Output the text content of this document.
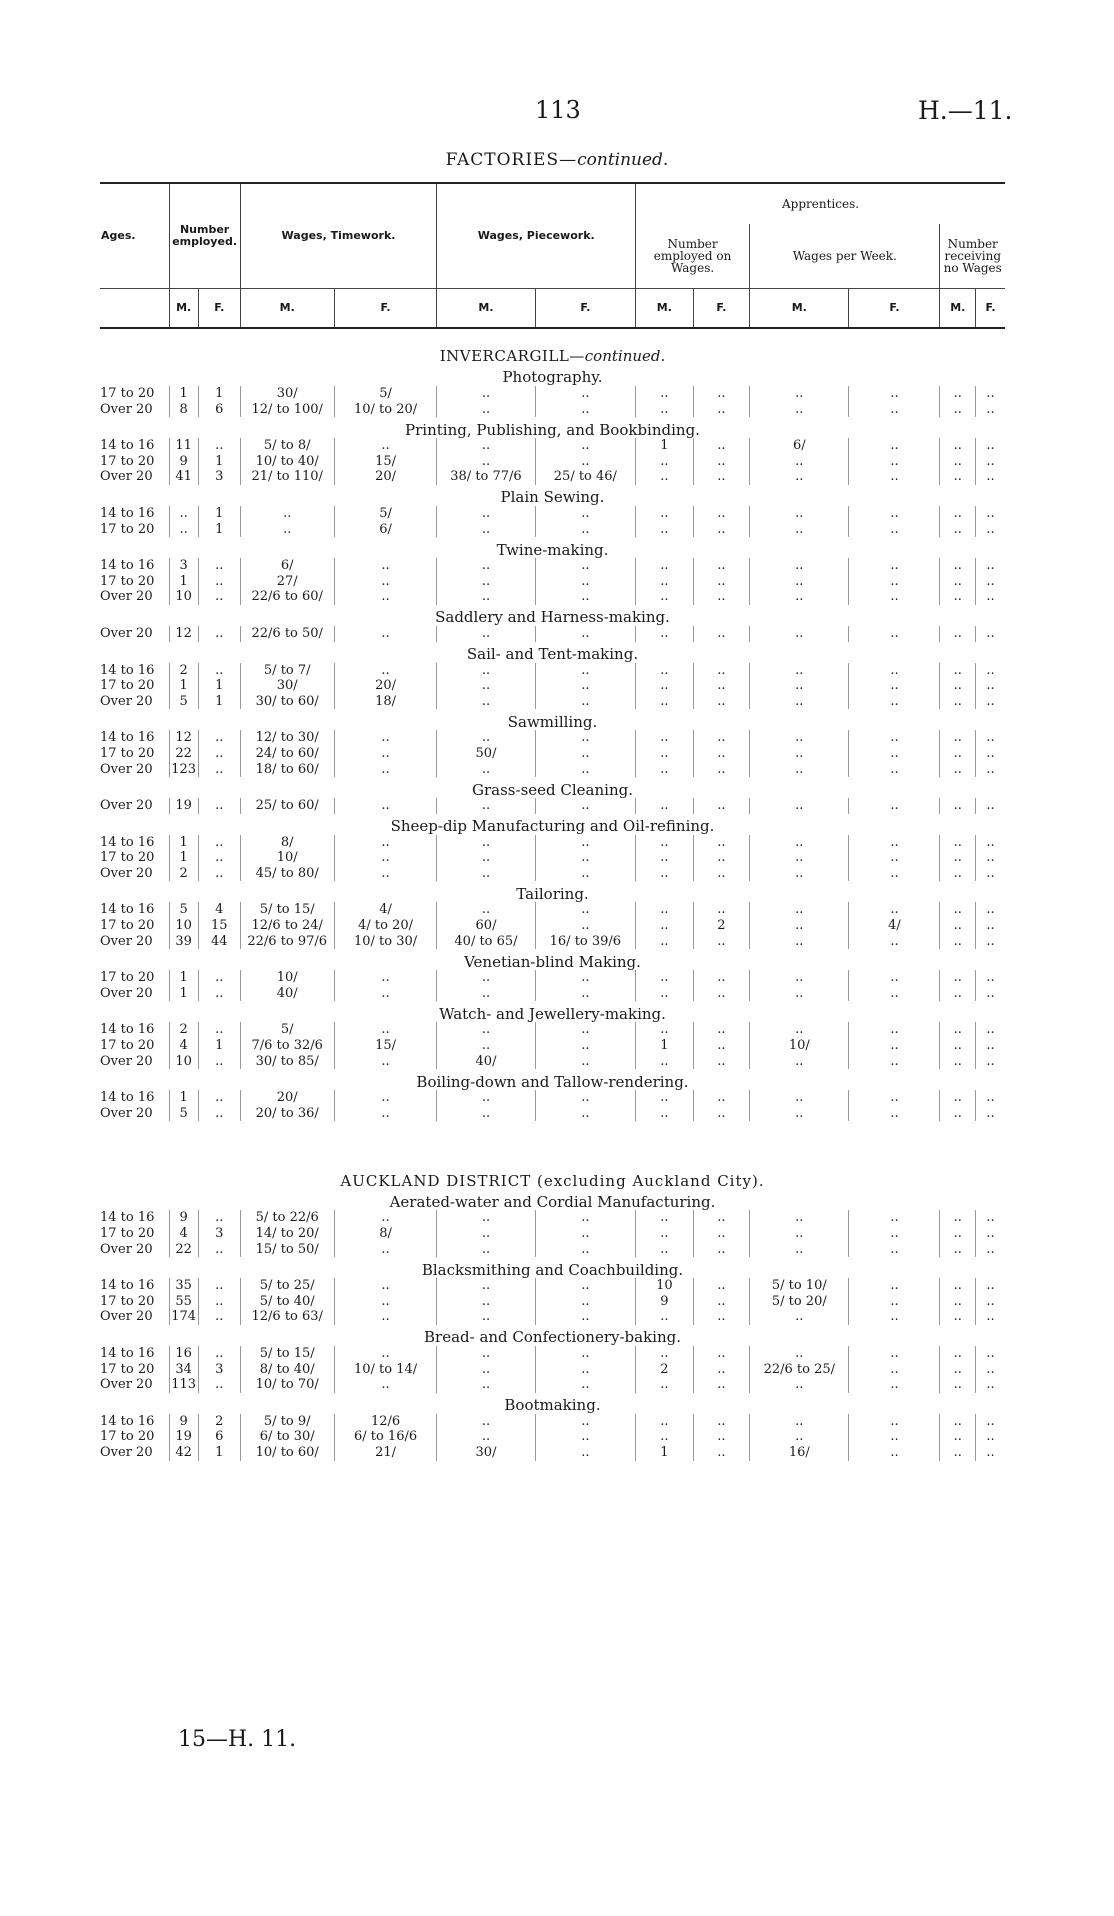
113	H.—11.
FACTORIES—continued.
Ages.	Number employed.		Wages, Timework.		Wages, Piecework.		Apprentices.					
							Number employed on Wages.		Wages per Week.		Number receiving no Wages	
	M.	F.	M.	F.	M.	F.	M.	F.	M.	F.	M.	F.

INVERCARGILL—continued.												
Photography.												
17 to 20	1	1	30/	5/	..	..	..	..	..	..	..	..
Over 20	8	6	12/ to 100/	10/ to 20/	..	..	..	..	..	..	..	..
Printing, Publishing, and Bookbinding.												
14 to 16	11	..	5/ to 8/	..	..	..	1	..	6/	..	..	..
17 to 20	9	1	10/ to 40/	15/	..	..	..	..	..	..	..	..
Over 20	41	3	21/ to 110/	20/	38/ to 77/6	25/ to 46/	..	..	..	..	..	..
Plain Sewing.												
14 to 16	..	1	..	5/	..	..	..	..	..	..	..	..
17 to 20	..	1	..	6/	..	..	..	..	..	..	..	..
Twine-making.												
14 to 16	3	..	6/	..	..	..	..	..	..	..	..	..
17 to 20	1	..	27/	..	..	..	..	..	..	..	..	..
Over 20	10	..	22/6 to 60/	..	..	..	..	..	..	..	..	..
Saddlery and Harness-making.												
Over 20	12	..	22/6 to 50/	..	..	..	..	..	..	..	..	..
Sail- and Tent-making.												
14 to 16	2	..	5/ to 7/	..	..	..	..	..	..	..	..	..
17 to 20	1	1	30/	20/	..	..	..	..	..	..	..	..
Over 20	5	1	30/ to 60/	18/	..	..	..	..	..	..	..	..
Sawmilling.												
14 to 16	12	..	12/ to 30/	..	..	..	..	..	..	..	..	..
17 to 20	22	..	24/ to 60/	..	50/	..	..	..	..	..	..	..
Over 20	123	..	18/ to 60/	..	..	..	..	..	..	..	..	..
Grass-seed Cleaning.												
Over 20	19	..	25/ to 60/	..	..	..	..	..	..	..	..	..
Sheep-dip Manufacturing and Oil-refining.												
14 to 16	1	..	8/	..	..	..	..	..	..	..	..	..
17 to 20	1	..	10/	..	..	..	..	..	..	..	..	..
Over 20	2	..	45/ to 80/	..	..	..	..	..	..	..	..	..
Tailoring.												
14 to 16	5	4	5/ to 15/	4/	..	..	..	..	..	..	..	..
17 to 20	10	15	12/6 to 24/	4/ to 20/	60/	..	..	2	..	4/	..	..
Over 20	39	44	22/6 to 97/6	10/ to 30/	40/ to 65/	16/ to 39/6	..	..	..	..	..	..
Venetian-blind Making.												
17 to 20	1	..	10/	..	..	..	..	..	..	..	..	..
Over 20	1	..	40/	..	..	..	..	..	..	..	..	..
Watch- and Jewellery-making.												
14 to 16	2	..	5/	..	..	..	..	..	..	..	..	..
17 to 20	4	1	7/6 to 32/6	15/	..	..	1	..	10/	..	..	..
Over 20	10	..	30/ to 85/	..	40/	..	..	..	..	..	..	..
Boiling-down and Tallow-rendering.												
14 to 16	1	..	20/	..	..	..	..	..	..	..	..	..
Over 20	5	..	20/ to 36/	..	..	..	..	..	..	..	..	..

AUCKLAND DISTRICT (excluding Auckland City).												
Aerated-water and Cordial Manufacturing.												
14 to 16	9	..	5/ to 22/6	..	..	..	..	..	..	..	..	..
17 to 20	4	3	14/ to 20/	8/	..	..	..	..	..	..	..	..
Over 20	22	..	15/ to 50/	..	..	..	..	..	..	..	..	..
Blacksmithing and Coachbuilding.												
14 to 16	35	..	5/ to 25/	..	..	..	10	..	5/ to 10/	..	..	..
17 to 20	55	..	5/ to 40/	..	..	..	9	..	5/ to 20/	..	..	..
Over 20	174	..	12/6 to 63/	..	..	..	..	..	..	..	..	..
Bread- and Confectionery-baking.												
14 to 16	16	..	5/ to 15/	..	..	..	..	..	..	..	..	..
17 to 20	34	3	8/ to 40/	10/ to 14/	..	..	2	..	22/6 to 25/	..	..	..
Over 20	113	..	10/ to 70/	..	..	..	..	..	..	..	..	..
Bootmaking.												
14 to 16	9	2	5/ to 9/	12/6	..	..	..	..	..	..	..	..
17 to 20	19	6	6/ to 30/	6/ to 16/6	..	..	..	..	..	..	..	..
Over 20	42	1	10/ to 60/	21/	30/	..	1	..	16/	..	..	..
15—H. 11.
